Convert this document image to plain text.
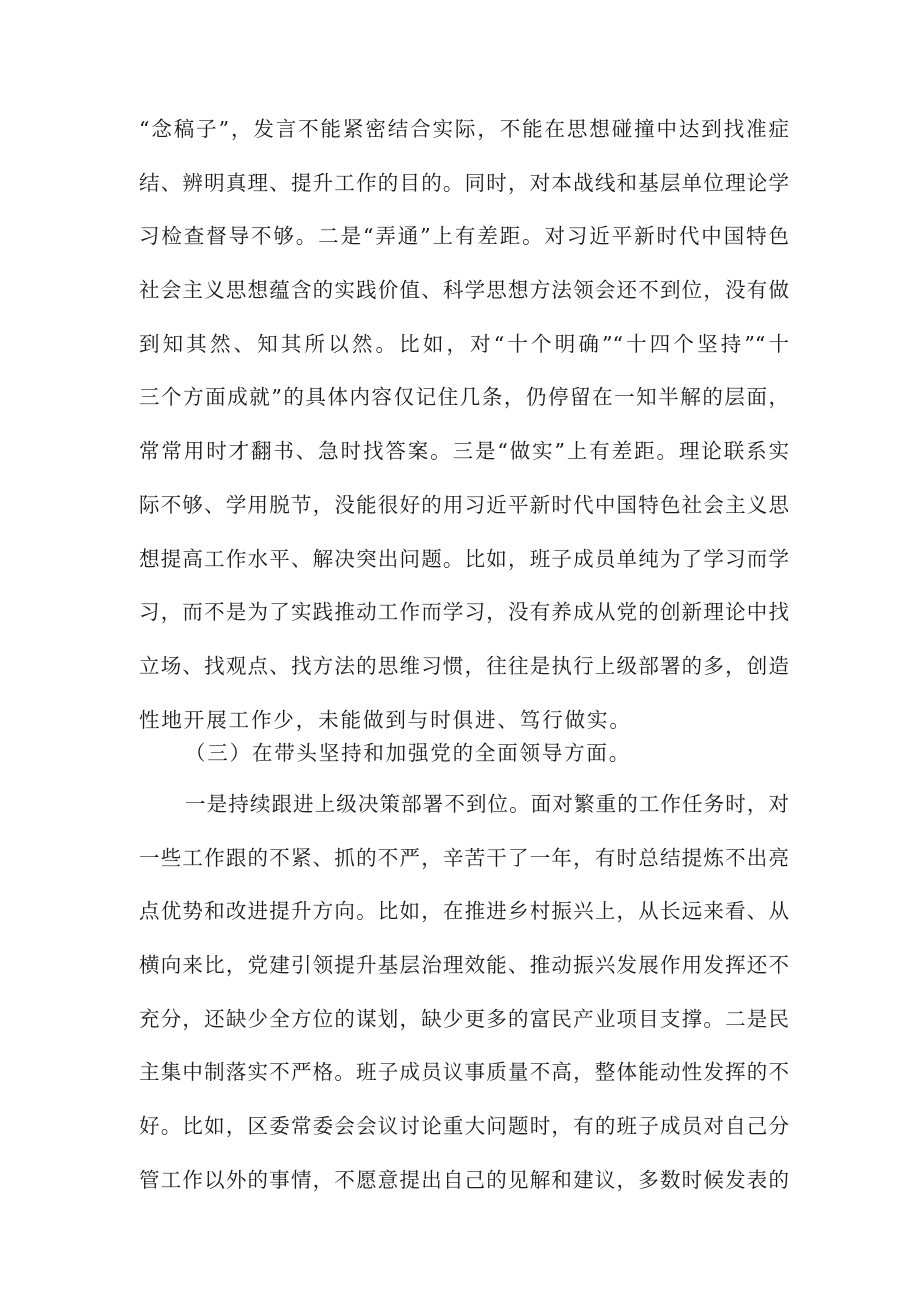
“念稿子”，发言不能紧密结合实际，不能在思想碰撞中达到找准症
结、辨明真理、提升工作的目的。同时，对本战线和基层单位理论学
习检查督导不够。二是“弄通”上有差距。对习近平新时代中国特色
社会主义思想蕴含的实践价值、科学思想方法领会还不到位，没有做
到知其然、知其所以然。比如，对“十个明确”“十四个坚持”“十
三个方面成就”的具体内容仅记住几条，仍停留在一知半解的层面，
常常用时才翻书、急时找答案。三是“做实”上有差距。理论联系实
际不够、学用脱节，没能很好的用习近平新时代中国特色社会主义思
想提高工作水平、解决突出问题。比如，班子成员单纯为了学习而学
习，而不是为了实践推动工作而学习，没有养成从党的创新理论中找
立场、找观点、找方法的思维习惯，往往是执行上级部署的多，创造
性地开展工作少，未能做到与时俱进、笃行做实。
（三）在带头坚持和加强党的全面领导方面。
一是持续跟进上级决策部署不到位。面对繁重的工作任务时，对
一些工作跟的不紧、抓的不严，辛苦干了一年，有时总结提炼不出亮
点优势和改进提升方向。比如，在推进乡村振兴上，从长远来看、从
横向来比，党建引领提升基层治理效能、推动振兴发展作用发挥还不
充分，还缺少全方位的谋划，缺少更多的富民产业项目支撑。二是民
主集中制落实不严格。班子成员议事质量不高，整体能动性发挥的不
好。比如，区委常委会会议讨论重大问题时，有的班子成员对自己分
管工作以外的事情，不愿意提出自己的见解和建议，多数时候发表的
